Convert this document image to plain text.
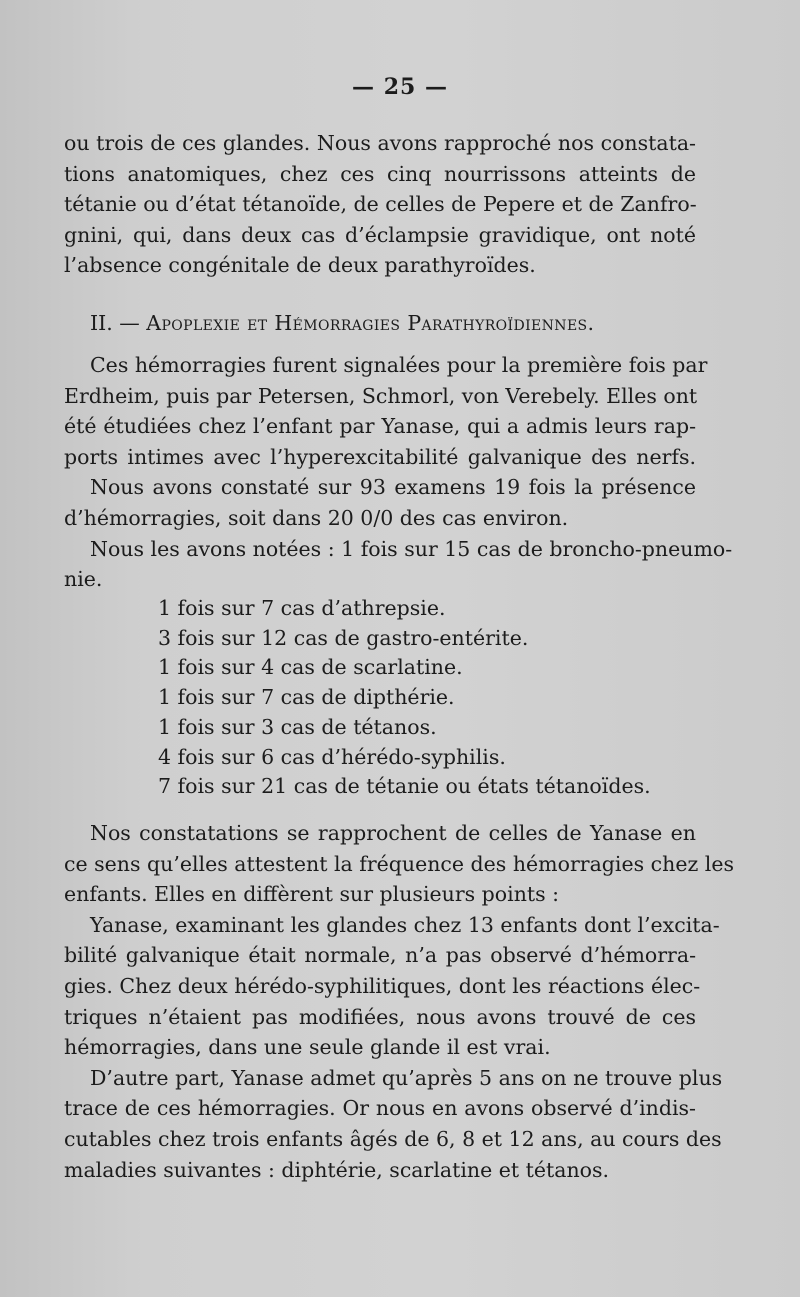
— 25 —
ou trois de ces glandes. Nous avons rapproché nos constata-
tions anatomiques, chez ces cinq nourrissons atteints de
tétanie ou d’état tétanoïde, de celles de Pepere et de Zanfro-
gnini, qui, dans deux cas d’éclampsie gravidique, ont noté
l’absence congénitale de deux parathyroïdes.
II. — Apoplexie et Hémorragies Parathyroïdiennes.
Ces hémorragies furent signalées pour la première fois par
Erdheim, puis par Petersen, Schmorl, von Verebely. Elles ont
été étudiées chez l’enfant par Yanase, qui a admis leurs rap-
ports intimes avec l’hyperexcitabilité galvanique des nerfs.
Nous avons constaté sur 93 examens 19 fois la présence
d’hémorragies, soit dans 20 0/0 des cas environ.
Nous les avons notées : 1 fois sur 15 cas de broncho-pneumo-
nie.
1 fois sur 7 cas d’athrepsie.
3 fois sur 12 cas de gastro-entérite.
1 fois sur 4 cas de scarlatine.
1 fois sur 7 cas de dipthérie.
1 fois sur 3 cas de tétanos.
4 fois sur 6 cas d’hérédo-syphilis.
7 fois sur 21 cas de tétanie ou états tétanoïdes.
Nos constatations se rapprochent de celles de Yanase en
ce sens qu’elles attestent la fréquence des hémorragies chez les
enfants. Elles en diffèrent sur plusieurs points :
Yanase, examinant les glandes chez 13 enfants dont l’excita-
bilité galvanique était normale, n’a pas observé d’hémorra-
gies. Chez deux hérédo-syphilitiques, dont les réactions élec-
triques n’étaient pas modifiées, nous avons trouvé de ces
hémorragies, dans une seule glande il est vrai.
D’autre part, Yanase admet qu’après 5 ans on ne trouve plus
trace de ces hémorragies. Or nous en avons observé d’indis-
cutables chez trois enfants âgés de 6, 8 et 12 ans, au cours des
maladies suivantes : diphtérie, scarlatine et tétanos.
